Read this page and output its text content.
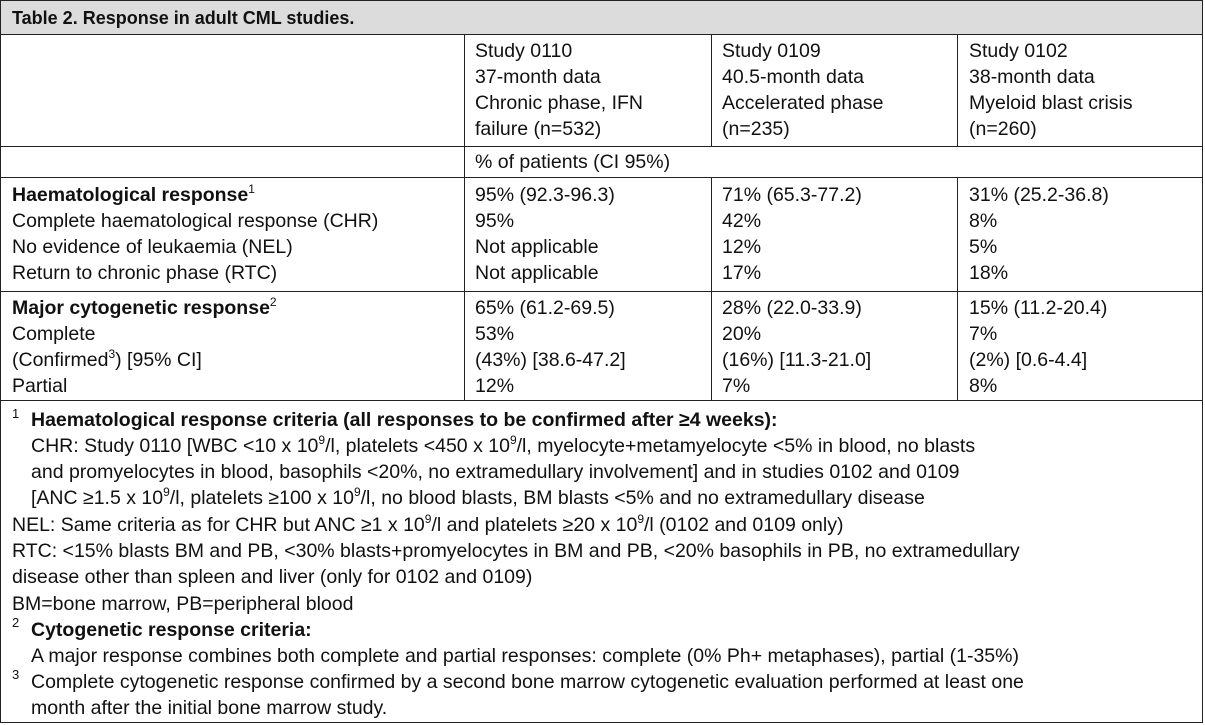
Table 2. Response in adult CML studies.
Study 0110
37-month data
Chronic phase, IFN
failure (n=532)
Study 0109
40.5-month data
Accelerated phase
(n=235)
Study 0102
38-month data
Myeloid blast crisis
(n=260)
% of patients (CI 95%)
Haematological response$^1$
Complete haematological response (CHR)
No evidence of leukaemia (NEL)
Return to chronic phase (RTC)
95% (92.3-96.3)
95%
Not applicable
Not applicable
71% (65.3-77.2)
42%
12%
17%
31% (25.2-36.8)
8%
5%
18%
Major cytogenetic response$^2$
Complete
(Confirmed$^3$) [95% CI]
Partial
65% (61.2-69.5)
53%
(43%) [38.6-47.2]
12%
28% (22.0-33.9)
20%
(16%) [11.3-21.0]
7%
15% (11.2-20.4)
7%
(2%) [0.6-4.4]
8%
1 Haematological response criteria (all responses to be confirmed after ≥4 weeks):
CHR: Study 0110 [WBC <10 x $10^9/l$, platelets <450 x $10^9/l$, myelocyte+metamyelocyte <5% in blood, no blasts
and promyelocytes in blood, basophils <20%, no extramedullary involvement] and in studies 0102 and 0109
[ANC ≥1.5 x $10^9/l$, platelets ≥100 x $10^9/l$, no blood blasts, BM blasts <5% and no extramedullary disease
NEL: Same criteria as for CHR but ANC ≥1 x $10^9/l$ and platelets ≥20 x $10^9/l$ (0102 and 0109 only)
RTC: <15% blasts BM and PB, <30% blasts+promyelocytes in BM and PB, <20% basophils in PB, no extramedullary
disease other than spleen and liver (only for 0102 and 0109)
BM=bone marrow, PB=peripheral blood
2 Cytogenetic response criteria:
A major response combines both complete and partial responses: complete (0% Ph+ metaphases), partial (1-35%)
3 Complete cytogenetic response confirmed by a second bone marrow cytogenetic evaluation performed at least one
month after the initial bone marrow study.
